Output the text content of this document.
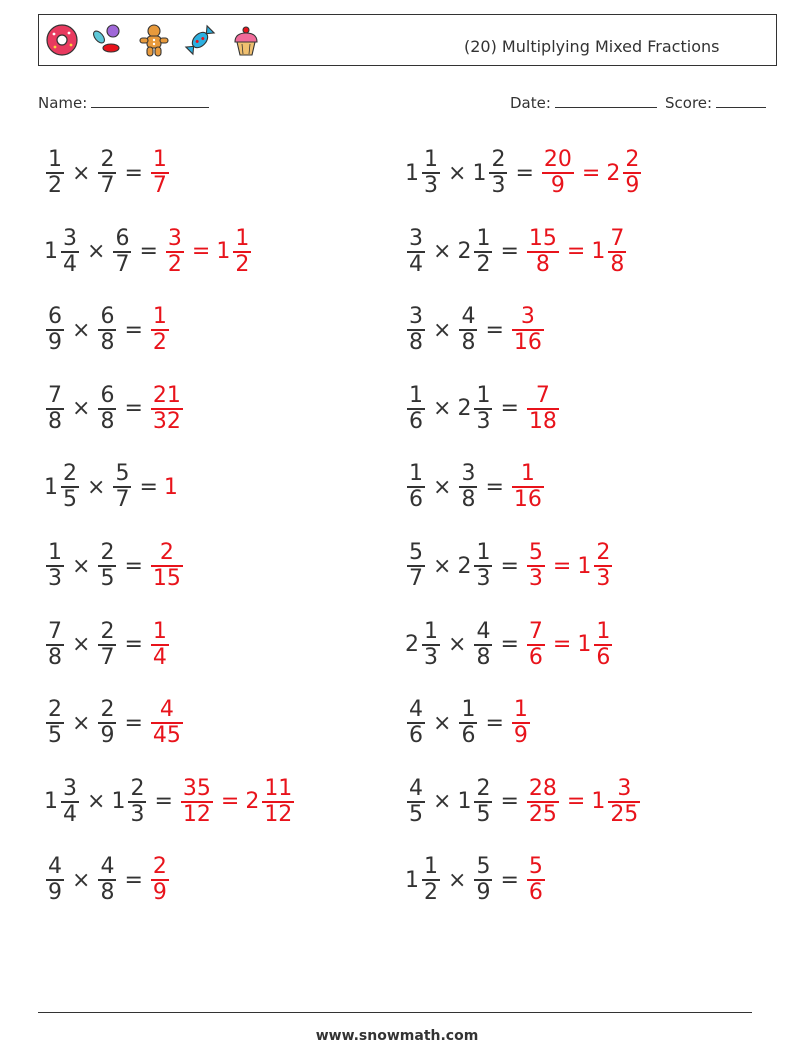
(20) Multiplying Mixed Fractions
Name:	Date:	Score:
$\frac{1}{2} \times \frac{2}{7} = \frac{1}{7}$	$1 \frac{1}{3} \times 1 \frac{2}{3} = \frac{20}{9} = 2 \frac{2}{9}$
$1 \frac{3}{4} \times \frac{6}{7} = \frac{3}{2} = 1 \frac{1}{2}$	$\frac{3}{4} \times 2 \frac{1}{2} = \frac{15}{8} = 1 \frac{7}{8}$
$\frac{6}{9} \times \frac{6}{8} = \frac{1}{2}$	$\frac{3}{8} \times \frac{4}{8} = \frac{3}{16}$
$\frac{7}{8} \times \frac{6}{8} = \frac{21}{32}$	$\frac{1}{6} \times 2 \frac{1}{3} = \frac{7}{18}$
$1 \frac{2}{5} \times \frac{5}{7} = 1$	$\frac{1}{6} \times \frac{3}{8} = \frac{1}{16}$
$\frac{1}{3} \times \frac{2}{5} = \frac{2}{15}$	$\frac{5}{7} \times 2 \frac{1}{3} = \frac{5}{3} = 1 \frac{2}{3}$
$\frac{7}{8} \times \frac{2}{7} = \frac{1}{4}$	$2 \frac{1}{3} \times \frac{4}{8} = \frac{7}{6} = 1 \frac{1}{6}$
$\frac{2}{5} \times \frac{2}{9} = \frac{4}{45}$	$\frac{4}{6} \times \frac{1}{6} = \frac{1}{9}$
$1 \frac{3}{4} \times 1 \frac{2}{3} = \frac{35}{12} = 2 \frac{11}{12}$	$\frac{4}{5} \times 1 \frac{2}{5} = \frac{28}{25} = 1 \frac{3}{25}$
$\frac{4}{9} \times \frac{4}{8} = \frac{2}{9}$	$1 \frac{1}{2} \times \frac{5}{9} = \frac{5}{6}$
www.snowmath.com
